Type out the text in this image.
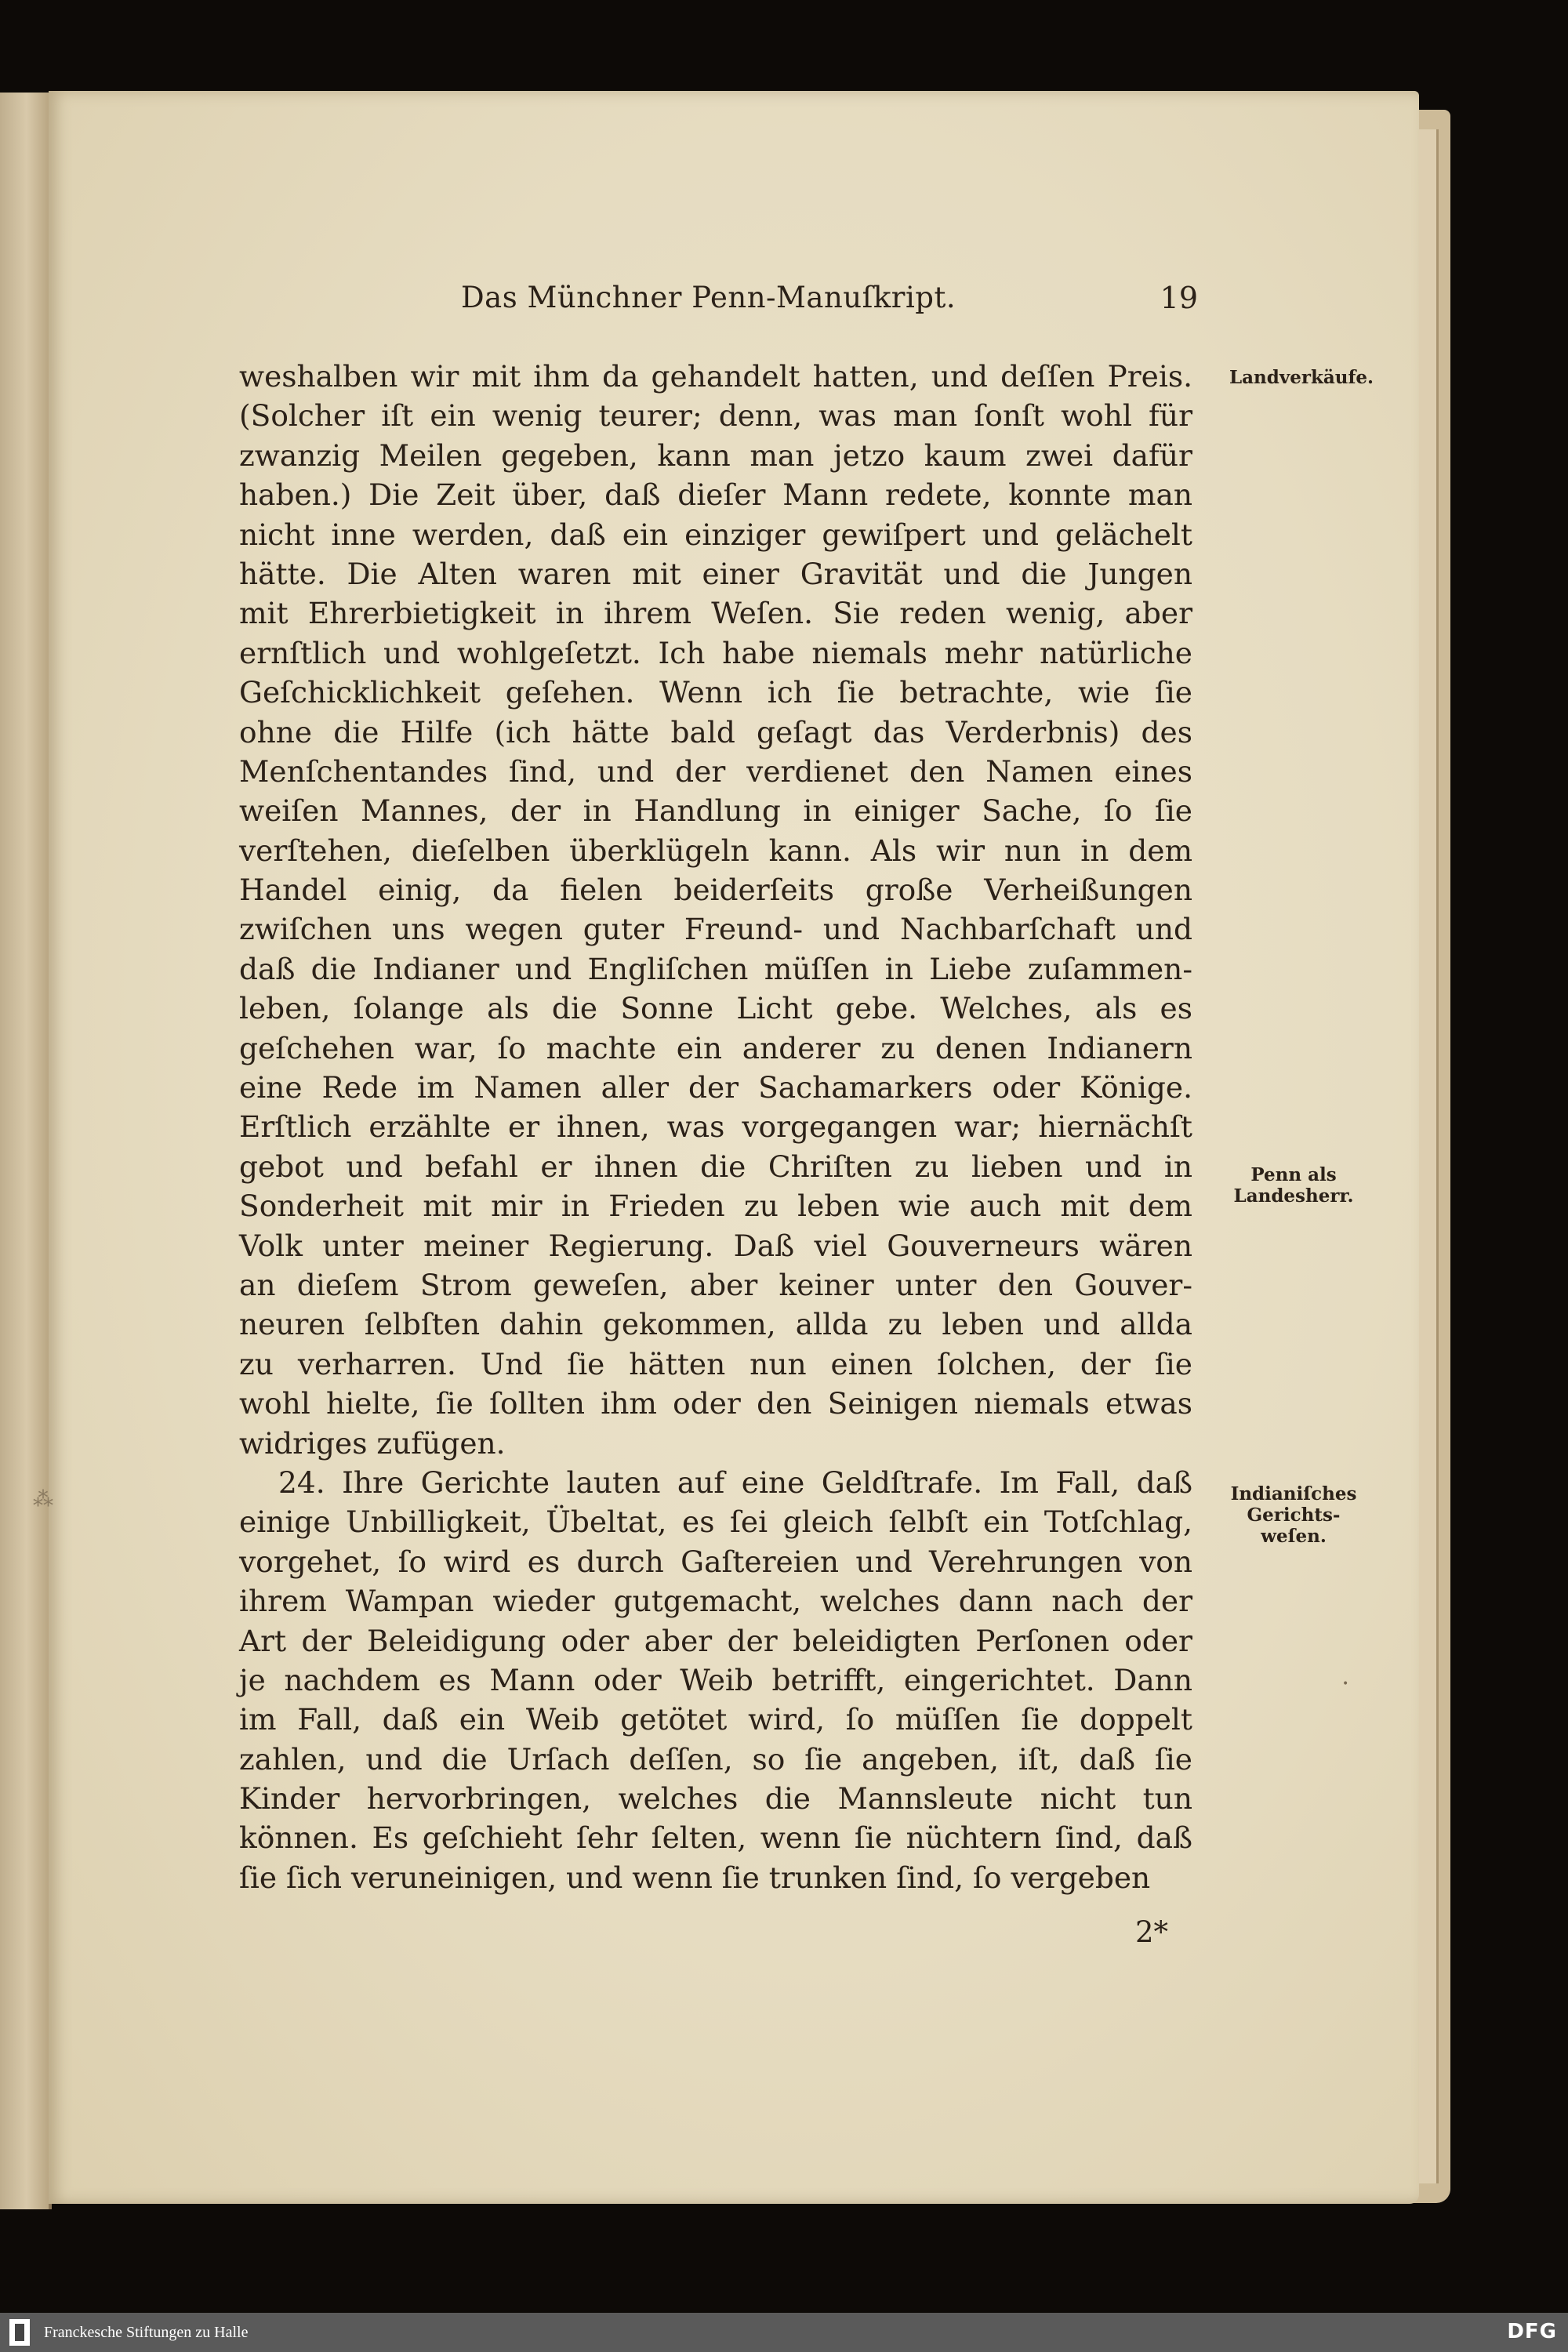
Das Münchner Penn-Manuſkript.	19
weshalben wir mit ihm da gehandelt hatten, und deſſen Preis.
(Solcher iſt ein wenig teurer; denn, was man ſonſt wohl für
zwanzig Meilen gegeben, kann man jetzo kaum zwei dafür
haben.) Die Zeit über, daß dieſer Mann redete, konnte man
nicht inne werden, daß ein einziger gewiſpert und gelächelt
hätte. Die Alten waren mit einer Gravität und die Jungen
mit Ehrerbietigkeit in ihrem Weſen. Sie reden wenig, aber
ernſtlich und wohlgeſetzt. Ich habe niemals mehr natürliche
Geſchicklichkeit geſehen. Wenn ich ſie betrachte, wie ſie
ohne die Hilfe (ich hätte bald geſagt das Verderbnis) des
Menſchentandes ſind, und der verdienet den Namen eines
weiſen Mannes, der in Handlung in einiger Sache, ſo ſie
verſtehen, dieſelben überklügeln kann. Als wir nun in dem
Handel einig, da fielen beiderſeits große Verheißungen
zwiſchen uns wegen guter Freund- und Nachbarſchaft und
daß die Indianer und Engliſchen müſſen in Liebe zuſammen-
leben, ſolange als die Sonne Licht gebe. Welches, als es
geſchehen war, ſo machte ein anderer zu denen Indianern
eine Rede im Namen aller der Sachamarkers oder Könige.
Erſtlich erzählte er ihnen, was vorgegangen war; hiernächſt
gebot und befahl er ihnen die Chriſten zu lieben und in
Sonderheit mit mir in Frieden zu leben wie auch mit dem
Volk unter meiner Regierung. Daß viel Gouverneurs wären
an dieſem Strom geweſen, aber keiner unter den Gouver-
neuren ſelbſten dahin gekommen, allda zu leben und allda
zu verharren. Und ſie hätten nun einen ſolchen, der ſie
wohl hielte, ſie ſollten ihm oder den Seinigen niemals etwas
widriges zufügen.
24. Ihre Gerichte lauten auf eine Geldſtrafe. Im Fall, daß
einige Unbilligkeit, Übeltat, es ſei gleich ſelbſt ein Totſchlag,
vorgehet, ſo wird es durch Gaſtereien und Verehrungen von
ihrem Wampan wieder gutgemacht, welches dann nach der
Art der Beleidigung oder aber der beleidigten Perſonen oder
je nachdem es Mann oder Weib betrifft, eingerichtet. Dann
im Fall, daß ein Weib getötet wird, ſo müſſen ſie doppelt
zahlen, und die Urſach deſſen, so ſie angeben, iſt, daß ſie
Kinder hervorbringen, welches die Mannsleute nicht tun
können. Es geſchieht ſehr ſelten, wenn ſie nüchtern ſind, daß
ſie ſich veruneinigen, und wenn ſie trunken ſind, ſo vergeben
Landverkäufe.
Penn als
Landesherr.
Indianiſches
Gerichts-
weſen.
2*
⁂
•
Franckesche Stiftungen zu Halle	DFG
